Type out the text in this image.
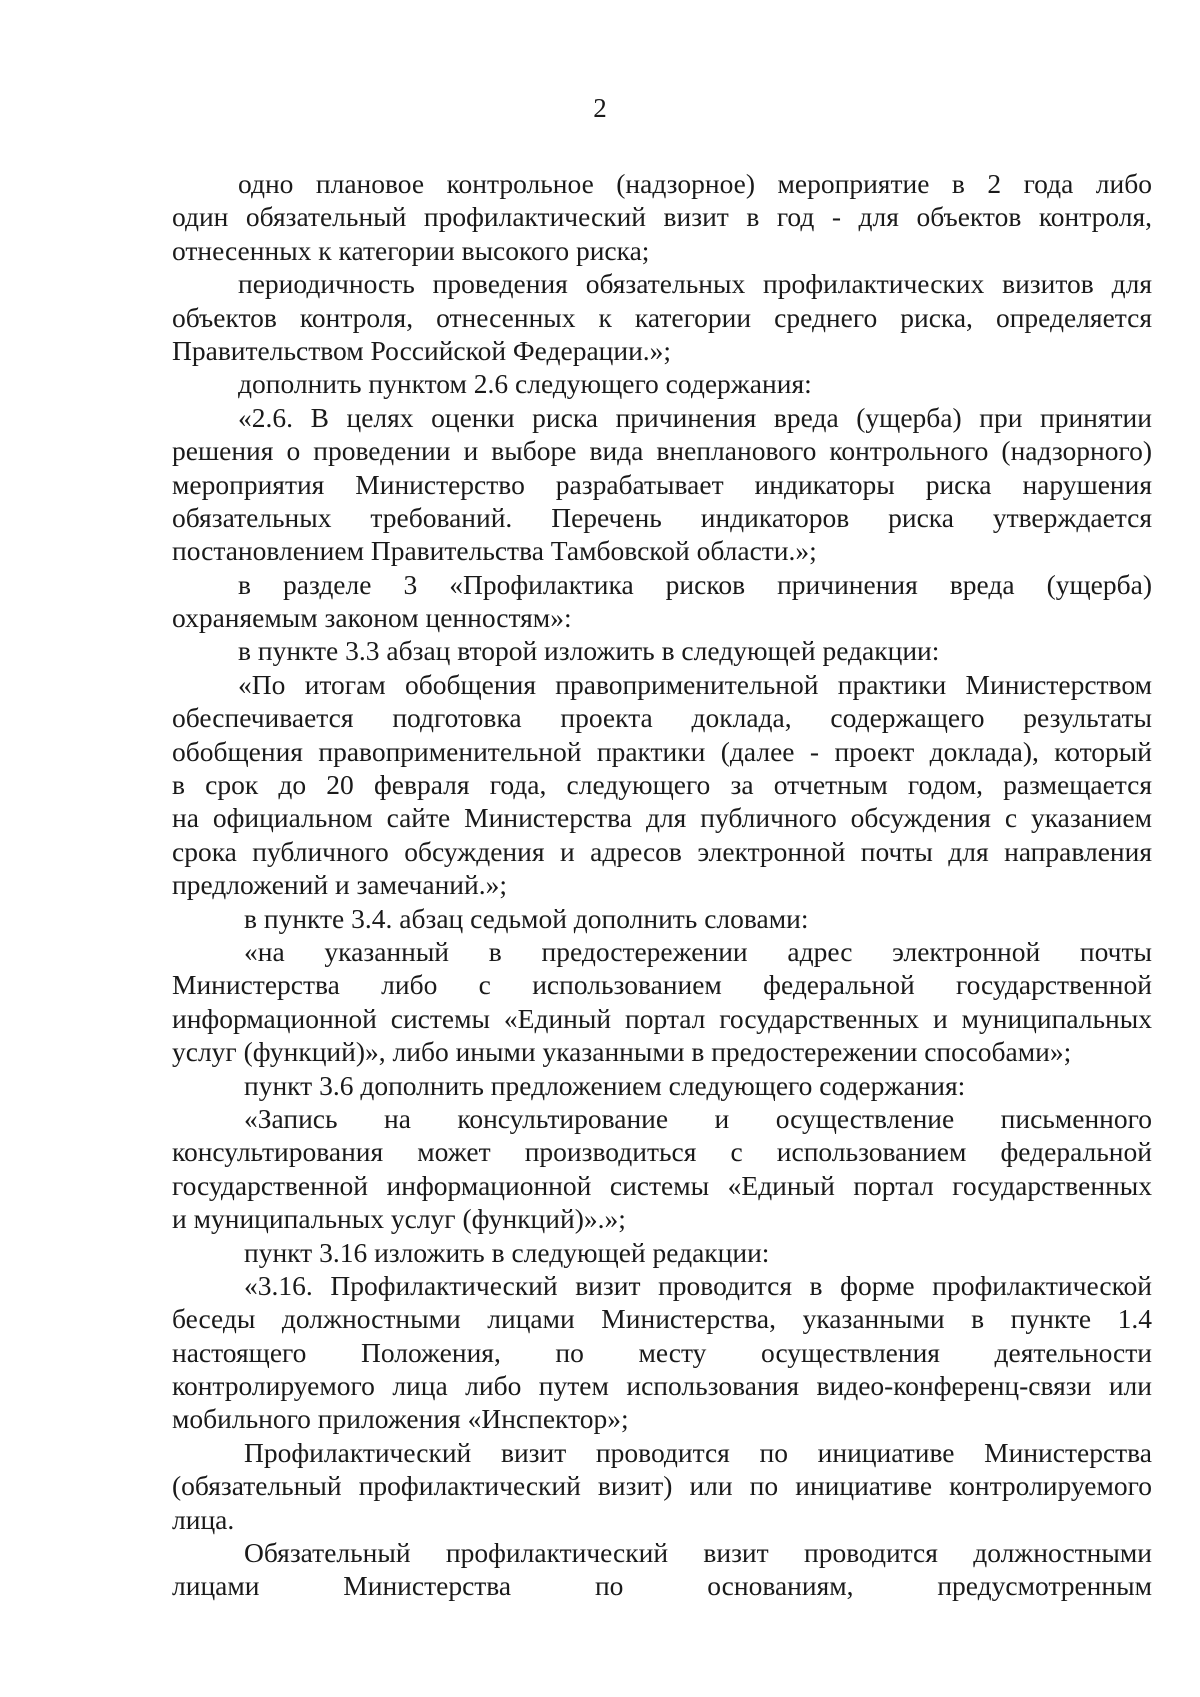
2
одно плановое контрольное (надзорное) мероприятие в 2 года либо
один обязательный профилактический визит в год - для объектов контроля,
отнесенных к категории высокого риска;
периодичность проведения обязательных профилактических визитов для
объектов контроля, отнесенных к категории среднего риска, определяется
Правительством Российской Федерации.»;
дополнить пунктом 2.6 следующего содержания:
«2.6. В целях оценки риска причинения вреда (ущерба) при принятии
решения о проведении и выборе вида внепланового контрольного (надзорного)
мероприятия Министерство разрабатывает индикаторы риска нарушения
обязательных требований. Перечень индикаторов риска утверждается
постановлением Правительства Тамбовской области.»;
в разделе 3 «Профилактика рисков причинения вреда (ущерба)
охраняемым законом ценностям»:
в пункте 3.3 абзац второй изложить в следующей редакции:
«По итогам обобщения правоприменительной практики Министерством
обеспечивается подготовка проекта доклада, содержащего результаты
обобщения правоприменительной практики (далее - проект доклада), который
в срок до 20 февраля года, следующего за отчетным годом, размещается
на официальном сайте Министерства для публичного обсуждения с указанием
срока публичного обсуждения и адресов электронной почты для направления
предложений и замечаний.»;
в пункте 3.4. абзац седьмой дополнить словами:
«на указанный в предостережении адрес электронной почты
Министерства либо с использованием федеральной государственной
информационной системы «Единый портал государственных и муниципальных
услуг (функций)», либо иными указанными в предостережении способами»;
пункт 3.6 дополнить предложением следующего содержания:
«Запись на консультирование и осуществление письменного
консультирования может производиться с использованием федеральной
государственной информационной системы «Единый портал государственных
и муниципальных услуг (функций)».»;
пункт 3.16 изложить в следующей редакции:
«3.16. Профилактический визит проводится в форме профилактической
беседы должностными лицами Министерства, указанными в пункте 1.4
настоящего Положения, по месту осуществления деятельности
контролируемого лица либо путем использования видео-конференц-связи или
мобильного приложения «Инспектор»;
Профилактический визит проводится по инициативе Министерства
(обязательный профилактический визит) или по инициативе контролируемого
лица.
Обязательный профилактический визит проводится должностными
лицами Министерства по основаниям, предусмотренным
